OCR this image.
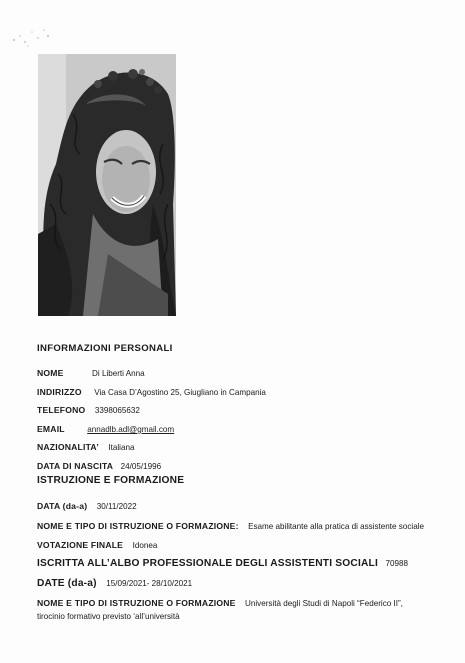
INFORMAZIONI PERSONALI
NOME	Di Liberti Anna
INDIRIZZO Via Casa D’Agostino 25, Giugliano in Campania
TELEFONO 3398065632
EMAIL	annadlb.adl@gmail.com
NAZIONALITA’ Italiana
DATA DI NASCITA 24/05/1996
ISTRUZIONE E FORMAZIONE
DATA (da-a) 30/11/2022
NOME E TIPO DI ISTRUZIONE O FORMAZIONE: Esame abilitante alla pratica di assistente sociale
VOTAZIONE FINALE Idonea
ISCRITTA ALL’ALBO PROFESSIONALE DEGLI ASSISTENTI SOCIALI 70988
DATE (da-a) 15/09/2021- 28/10/2021
NOME E TIPO DI ISTRUZIONE O FORMAZIONE Università degli Studi di Napoli “Federico II”,
tirocinio formativo previsto ‘all’università
